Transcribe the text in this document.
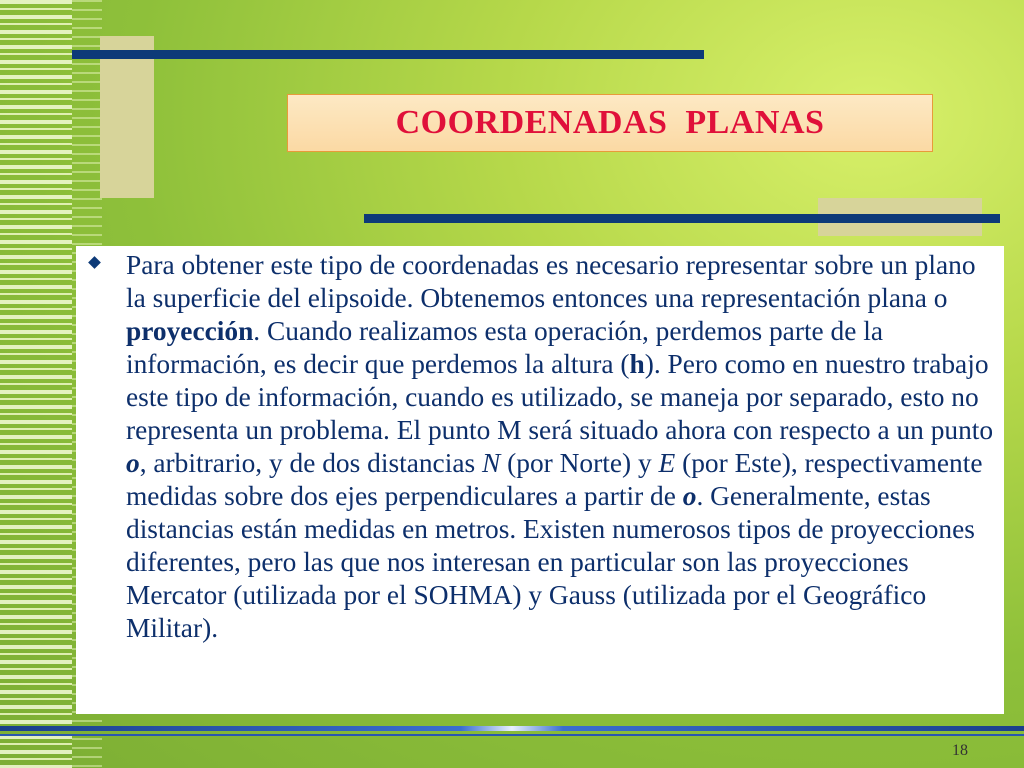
COORDENADAS  PLANAS
Para obtener este tipo de coordenadas es necesario representar sobre un plano la superficie del elipsoide. Obtenemos entonces una representación plana o proyección. Cuando realizamos esta operación, perdemos parte de la información, es decir que perdemos la altura (h). Pero como en nuestro trabajo este tipo de información, cuando es utilizado, se maneja por separado, esto no representa un problema. El punto M será situado ahora con respecto a un punto o, arbitrario, y de dos distancias N (por Norte) y E (por Este), respectivamente medidas sobre dos ejes perpendiculares a partir de o. Generalmente, estas distancias están medidas en metros. Existen numerosos tipos de proyecciones diferentes, pero las que nos interesan en particular son las proyecciones Mercator (utilizada por el SOHMA) y Gauss (utilizada por el Geográfico Militar).
18
